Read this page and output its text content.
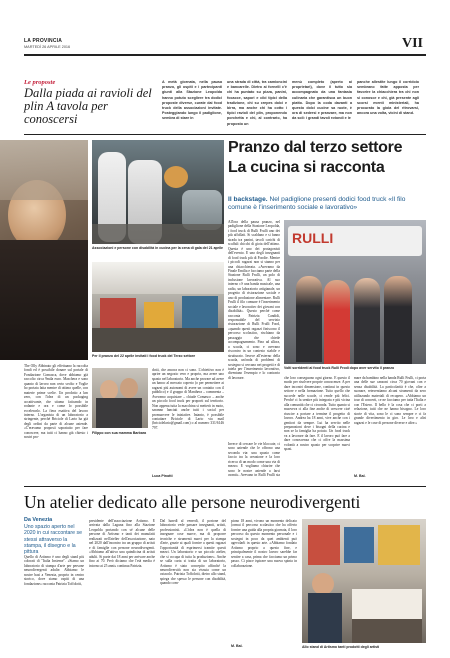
LA PROVINCIA
MARTEDÌ 26 APRILE 2016	VII
Le proposte
Dalla piada ai ravioli del plin A tavola per conoscersi
A metà giornata, nella pausa pranzo, gli ospiti e i partecipanti giunti alla Stazione Leopolda hanno potuto scegliere tra dodici proposte diverse, curate dai food truck della associazioni invitate. Posteggiando lungo il padiglione, sembra di stare in
una strada di città, tra camioncini e bancarelle. Dietro ai fornelli c'è chi ha puntato su pizza, panini, focacce, sapori e cibi tipici della tradizione, chi su crepes dolci e birra, ma anche chi ha cotto i tipici ravioli del plin, proponendo porchetta e chi, al contrario, ha proposto un
menù completo (aperto ai proprietari), dove il tutto sia accompagnato da una fantasia culinaria che garantisca un buon piatto. Dopo la coda davanti a questo dolci cucine sa ruote, è ora di sedersi e pranzare, ma non da soli: i grandi tavoli rotondi e le
panche allestite lungo il corridoio sembrano fatte apposta per favorire la chiacchiera tra chi non si conosce e chi, già presente agli scorsi eventi ministeriali, ha procurato la gioia del ritrovarsi, ancora una volta, vicini di stand.
Associazioni e persone con disabilità in cucina per la cena di gala del 21 aprile
Per il pranzo del 22 aprile invitati i food truck del Terzo settore
Pranzo dal terzo settore
La cucina si racconta
Il backstage. Nel padiglione presenti dodici food truck «Il filo comune è l'inserimento sociale e lavorativo»
All'ora della pausa pranzo, nel padiglione della Stazione Leopolda, i food truck di Rulli Frulli uno dei più affollati. Si scaldano e si fanno strada tra panini, tavoli carichi di scaffali chicchi di gioia dell'ottimo. Questa è uno dei protagonisti dell'evento. E uno degli insegnanti di food truck più di Foodie. Mentre i piccoli ragazzi non si stanno per una chiacchierata. «Avevamo da Finale Emilia e facciamo parte della Stazione Rulli Frulli, un polo di inclusione lavorativa. Al suo interno c'è una banda musicale, una radio, un laboratorio artigianale, un progetto di ristorazione sociale e uno di produzione alimentare. Rulli Frulli il filo comune è l'inserimento sociale e lavorativo dei giovani con disabilità». Questo perché come racconta Patrizia Candidi, responsabile del servizio ristorazione di Rulli Frulli Food, «quando questi ragazzi finiscono il percorso scolastico, rischiano da passaggio che chiede accompagnamento. Fino ad allora, a scuola, ci sono e avevano riscontro in un contesto stabile e strutturato. Invece all'esterno della scuola, un'onda di problemi di sostegno si cercano nei progetti e di tutela per l'inserimento lavorativo, diventano l'esempio e lo contrario di lavorare.
RULLI
Volti sorridenti ai food truck Rulli Frodi dopo aver servito il pranzo
The Olly Abbinato gli effettuano la raccolta fondi ed è possibile donare sul portale di Fondazione Comasca, dove abbiamo già raccolto circa 9mila euro. Maschera e sono quanto di lavoro non certo svolto e Voglie ho portata fatta mentre di ottimo quelle, con materie prime scelte. Un prodotto a km zero, con l'idea di un packaging accattivante, che stiamo faticando in rodante e ora e come lo possibile eccelerarlo. La fiera esattiva del lavoro interno. L'organista di un laboratorio a stringente, perché Briciole di Lario ha già degli ordini da parte di alcune aziende. «C'eravamo proposti sopratutto per fare conoscere, ma tutti ci hanno già chiesto i nostri pro-
Filippo con sua mamma Barbara
dotti, che ancora non ci sono. L'obiettivo non è aprire un negozio vero e proprio, ma avere uno spazio nel laboratorio. Ma anche provare ad avere un banco al mercato coperto (o per permettere ai ragazzi più autonomi di avere un contatto con il pubblico) e il gruppo di Manthera – commenta – Avevamo acquistare – chiude Comasco – anche un piccolo food truck per proporti sul territorio. Non appena tutta la macchina si metterà in moto, saranno lanciati anche tutti i social per promuovere le iniziative. Intanto, è possibile contattare Briciole di Lario via mail (briciolelario@gmail.com) o al numero 331/6146 797.
Luca Pinotti
Invece di cercare le vie bloccate, ci sono aziende che le offrono una seconda via: una spazio come faccio tra la creazione e la loro ricerca di un modo come una via di mezzo. E vogliamo chiarire che sono le nostre aziende a farsi avanti». Avevano in Rulli Frulli sta
che loro conseguono ogni giorno. È questo il modo per risolvere proprie conoscenze. A per dare incontri dimensione, continui in questo settore e nella formazione. Tutto quello che succede nelle scuole, ci rende più felici. Perché ci fa sentire più integrata e più vicina alla comunità che ci circonda. Tutto quanto si muoveva ci alla fine anche di crescere cioè riuscire a portare a termine il progetto di lavoro. Andrea ha 18 anni, vive anche con i genitori da sempre. Lui ha servito nelle preparazioni dove i bisogni della cucina e non se la famiglia ha potuto. Un food truck va a lavorare da fare. E il lavoro può fare a dare conoscenza che ci offre la massima volontà a nostro spazio per scoprire nuovi spazi.
mare da bambino nella banda Rulli Frulli, ci porta una delle sue canzoni circa 70 giovani con e senza disabilità. La particolarità è che, oltre a suonare, reinventiamo alcuni strumenti da zero utilizzando materiali di recupero. «Abbiamo un tour di concerti, ce ne facciamo per tutta l'Italia e con l'Estero. Il bello è la cosa che ci porti a relazione, tutti che ne hanno bisogno. Le loro storie di vita, sono le ci sono sempre e ci fa grande divertimento in giro. Le loro e altri ragazzi e le cose di persone diverse e altre.»
M. Bal.
Un atelier dedicato alle persone neurodivergenti
Da Venezia
Uno spazio aperto nel 2020 in cui raccontare se stessi attraverso la stampa, il disegno e la pittura
Quello di Artismo è uno degli stand più colorati di "Italia Insieme". «Siamo un laboratorio di stampa d'arte per persone neurodivergenti adulte. Abbiamo le nostre basi a Venezia, proprio in centro storico, dove siamo ospiti di una fondazione» racconta Patrizia Toffolotti,
presidente dell'associazione Artismo. È arrivata dalla Laguna fino alla Stazione Leopolda portando con sé alcune delle persone di Artismo e tanti dei manufatti realizzati nell'atelier dell'associazione, nato nel 2020 dall'incontro tra un gruppo di artisti e di famiglie con persone neurodivergenti. «Abbiamo all'attivo una quindicina di artisti adulti. Si parte dai 18 anni per arrivare anche fino ai 70. Però diciamo che l'età media è intorno ai 25 anni» continua Patrizia.
Dal lunedì al venerdì, il portone del laboratorio vede passare insegnanti, artisti, professionisti. «L'idea non è quella di insegnare cose nuove, ma di proporre tecniche e strumenti nuovi per la stampa d'arte, grazie ai quali fornire a questi ragazzi l'opportunità di esprimersi tramite questi mezzi. Un laboratorio e un piccolo atelier, che si occupa di tutta la produzione». Anche se sulla carta si tratta di un laboratorio, Artismo è stato concepito affinché la neurodiversità non sia vissuta come un ostacolo. Patrizia Toffolotti, dietro allo stand, spiega che spesso le persone con disabilità, quando com-
piono 18 anni, vivono un momento delicato (ormai il percorso scolastico che ha offerto fornire una guida alla propria giornata, il loro percorso da questo momento personale e i sostegni in poco da quei ambienti può agevolarli in questo arte. «Abbiamo fondato Artismo proprio a questo fine, e principalmente il nostro lavoro sarebbe far sentire a casa, prima che facciamo un primo passo. Ci piace ispirare una nuova spinta in collaborazione.
M. Bal.	Allo stand di Artismo tanti prodotti degli artisti
